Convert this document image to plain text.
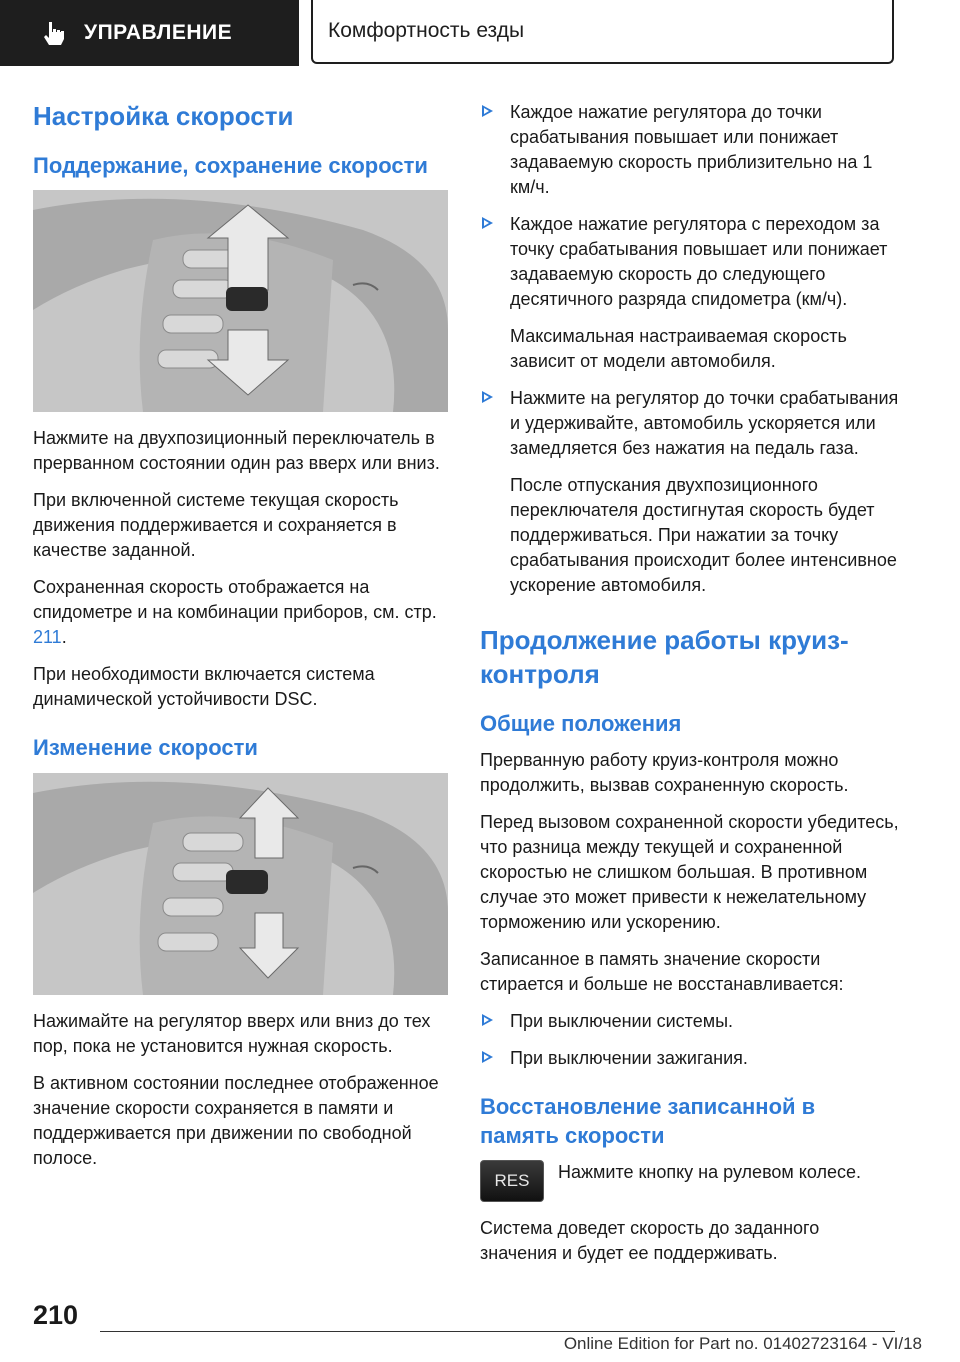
УПРАВЛЕНИЕ	Комфортность езды
Настройка скорости
Поддержание, сохранение скорости

Нажмите на двухпозиционный переключатель в прерванном состоянии один раз вверх или вниз.

При включенной системе текущая скорость движения поддерживается и сохраняется в качестве заданной.

Сохраненная скорость отображается на спидометре и на комбинации приборов, см. стр. 211.

При необходимости включается система динамической устойчивости DSC.

Изменение скорости

Нажимайте на регулятор вверх или вниз до тех пор, пока не установится нужная скорость.

В активном состоянии последнее отображенное значение скорости сохраняется в памяти и поддерживается при движении по свободной полосе.

Каждое нажатие регулятора до точки срабатывания повышает или понижает задаваемую скорость приблизительно на 1 км/ч.
Каждое нажатие регулятора с переходом за точку срабатывания повышает или понижает задаваемую скорость до следующего десятичного разряда спидометра (км/ч).

Максимальная настраиваемая скорость зависит от модели автомобиля.

Нажмите на регулятор до точки срабатывания и удерживайте, автомобиль ускоряется или замедляется без нажатия на педаль газа.

После отпускания двухпозиционного переключателя достигнутая скорость будет поддерживаться. При нажатии за точку срабатывания происходит более интенсивное ускорение автомобиля.

Продолжение работы круиз-контроля
Общие положения

Прерванную работу круиз-контроля можно продолжить, вызвав сохраненную скорость.

Перед вызовом сохраненной скорости убедитесь, что разница между текущей и сохраненной скоростью не слишком большая. В противном случае это может привести к нежелательному торможению или ускорению.

Записанное в память значение скорости стирается и больше не восстанавливается:

При выключении системы.
При выключении зажигания.
Восстановление записанной в память скорости
RES	Нажмите кнопку на рулевом колесе.

Система доведет скорость до заданного значения и будет ее поддерживать.

210
Online Edition for Part no. 01402723164 - VI/18
